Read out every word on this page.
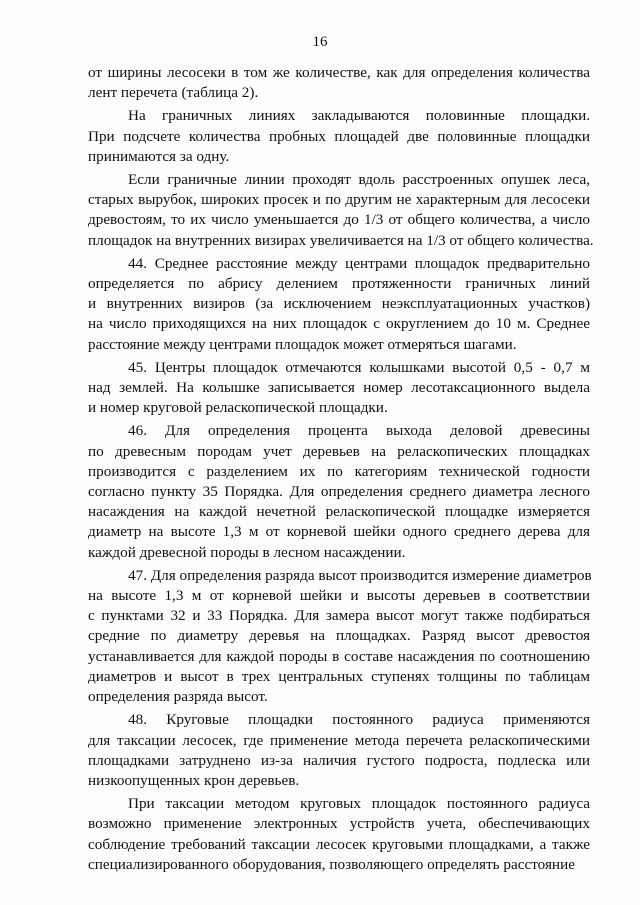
16
от ширины лесосеки в том же количестве, как для определения количества
лент перечета (таблица 2).
На граничных линиях закладываются половинные площадки.
При подсчете количества пробных площадей две половинные площадки
принимаются за одну.
Если граничные линии проходят вдоль расстроенных опушек леса,
старых вырубок, широких просек и по другим не характерным для лесосеки
древостоям, то их число уменьшается до 1/3 от общего количества, а число
площадок на внутренних визирах увеличивается на 1/3 от общего количества.
44. Среднее расстояние между центрами площадок предварительно
определяется по абрису делением протяженности граничных линий
и внутренних визиров (за исключением неэксплуатационных участков)
на число приходящихся на них площадок с округлением до 10 м. Среднее
расстояние между центрами площадок может отмеряться шагами.
45. Центры площадок отмечаются колышками высотой 0,5 - 0,7 м
над землей. На колышке записывается номер лесотаксационного выдела
и номер круговой реласкопической площадки.
46. Для определения процента выхода деловой древесины
по древесным породам учет деревьев на реласкопических площадках
производится с разделением их по категориям технической годности
согласно пункту 35 Порядка. Для определения среднего диаметра лесного
насаждения на каждой нечетной реласкопической площадке измеряется
диаметр на высоте 1,3 м от корневой шейки одного среднего дерева для
каждой древесной породы в лесном насаждении.
47. Для определения разряда высот производится измерение диаметров
на высоте 1,3 м от корневой шейки и высоты деревьев в соответствии
с пунктами 32 и 33 Порядка. Для замера высот могут также подбираться
средние по диаметру деревья на площадках. Разряд высот древостоя
устанавливается для каждой породы в составе насаждения по соотношению
диаметров и высот в трех центральных ступенях толщины по таблицам
определения разряда высот.
48. Круговые площадки постоянного радиуса применяются
для таксации лесосек, где применение метода перечета реласкопическими
площадками затруднено из-за наличия густого подроста, подлеска или
низкоопущенных крон деревьев.
При таксации методом круговых площадок постоянного радиуса
возможно применение электронных устройств учета, обеспечивающих
соблюдение требований таксации лесосек круговыми площадками, а также
специализированного оборудования, позволяющего определять расстояние
